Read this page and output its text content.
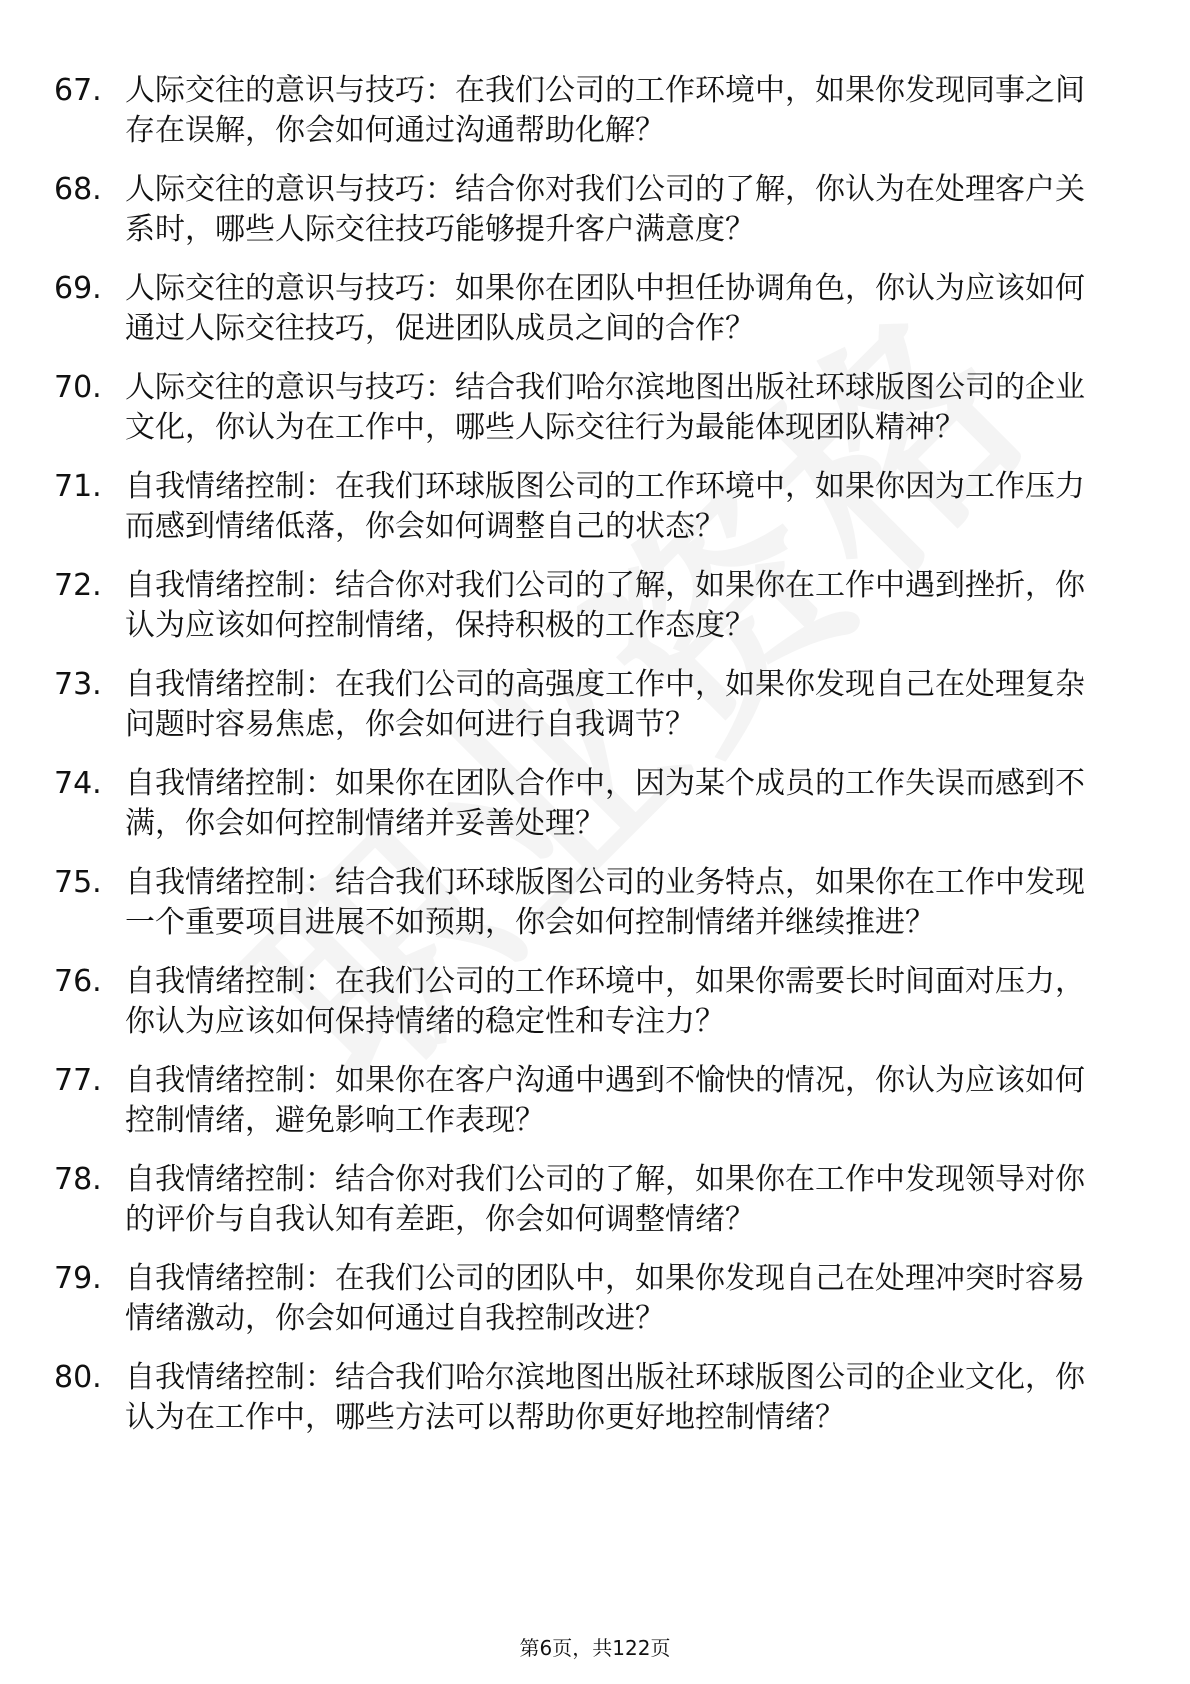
67. 人际交往的意识与技巧：在我们公司的工作环境中，如果你发现同事之间存在误解，你会如何通过沟通帮助化解？
68. 人际交往的意识与技巧：结合你对我们公司的了解，你认为在处理客户关系时，哪些人际交往技巧能够提升客户满意度？
69. 人际交往的意识与技巧：如果你在团队中担任协调角色，你认为应该如何通过人际交往技巧，促进团队成员之间的合作？
70. 人际交往的意识与技巧：结合我们哈尔滨地图出版社环球版图公司的企业文化，你认为在工作中，哪些人际交往行为最能体现团队精神？
71. 自我情绪控制：在我们环球版图公司的工作环境中，如果你因为工作压力而感到情绪低落，你会如何调整自己的状态？
72. 自我情绪控制：结合你对我们公司的了解，如果你在工作中遇到挫折，你认为应该如何控制情绪，保持积极的工作态度？
73. 自我情绪控制：在我们公司的高强度工作中，如果你发现自己在处理复杂问题时容易焦虑，你会如何进行自我调节？
74. 自我情绪控制：如果你在团队合作中，因为某个成员的工作失误而感到不满，你会如何控制情绪并妥善处理？
75. 自我情绪控制：结合我们环球版图公司的业务特点，如果你在工作中发现一个重要项目进展不如预期，你会如何控制情绪并继续推进？
76. 自我情绪控制：在我们公司的工作环境中，如果你需要长时间面对压力，你认为应该如何保持情绪的稳定性和专注力？
77. 自我情绪控制：如果你在客户沟通中遇到不愉快的情况，你认为应该如何控制情绪，避免影响工作表现？
78. 自我情绪控制：结合你对我们公司的了解，如果你在工作中发现领导对你的评价与自我认知有差距，你会如何调整情绪？
79. 自我情绪控制：在我们公司的团队中，如果你发现自己在处理冲突时容易情绪激动，你会如何通过自我控制改进？
80. 自我情绪控制：结合我们哈尔滨地图出版社环球版图公司的企业文化，你认为在工作中，哪些方法可以帮助你更好地控制情绪？
第6页，共122页
